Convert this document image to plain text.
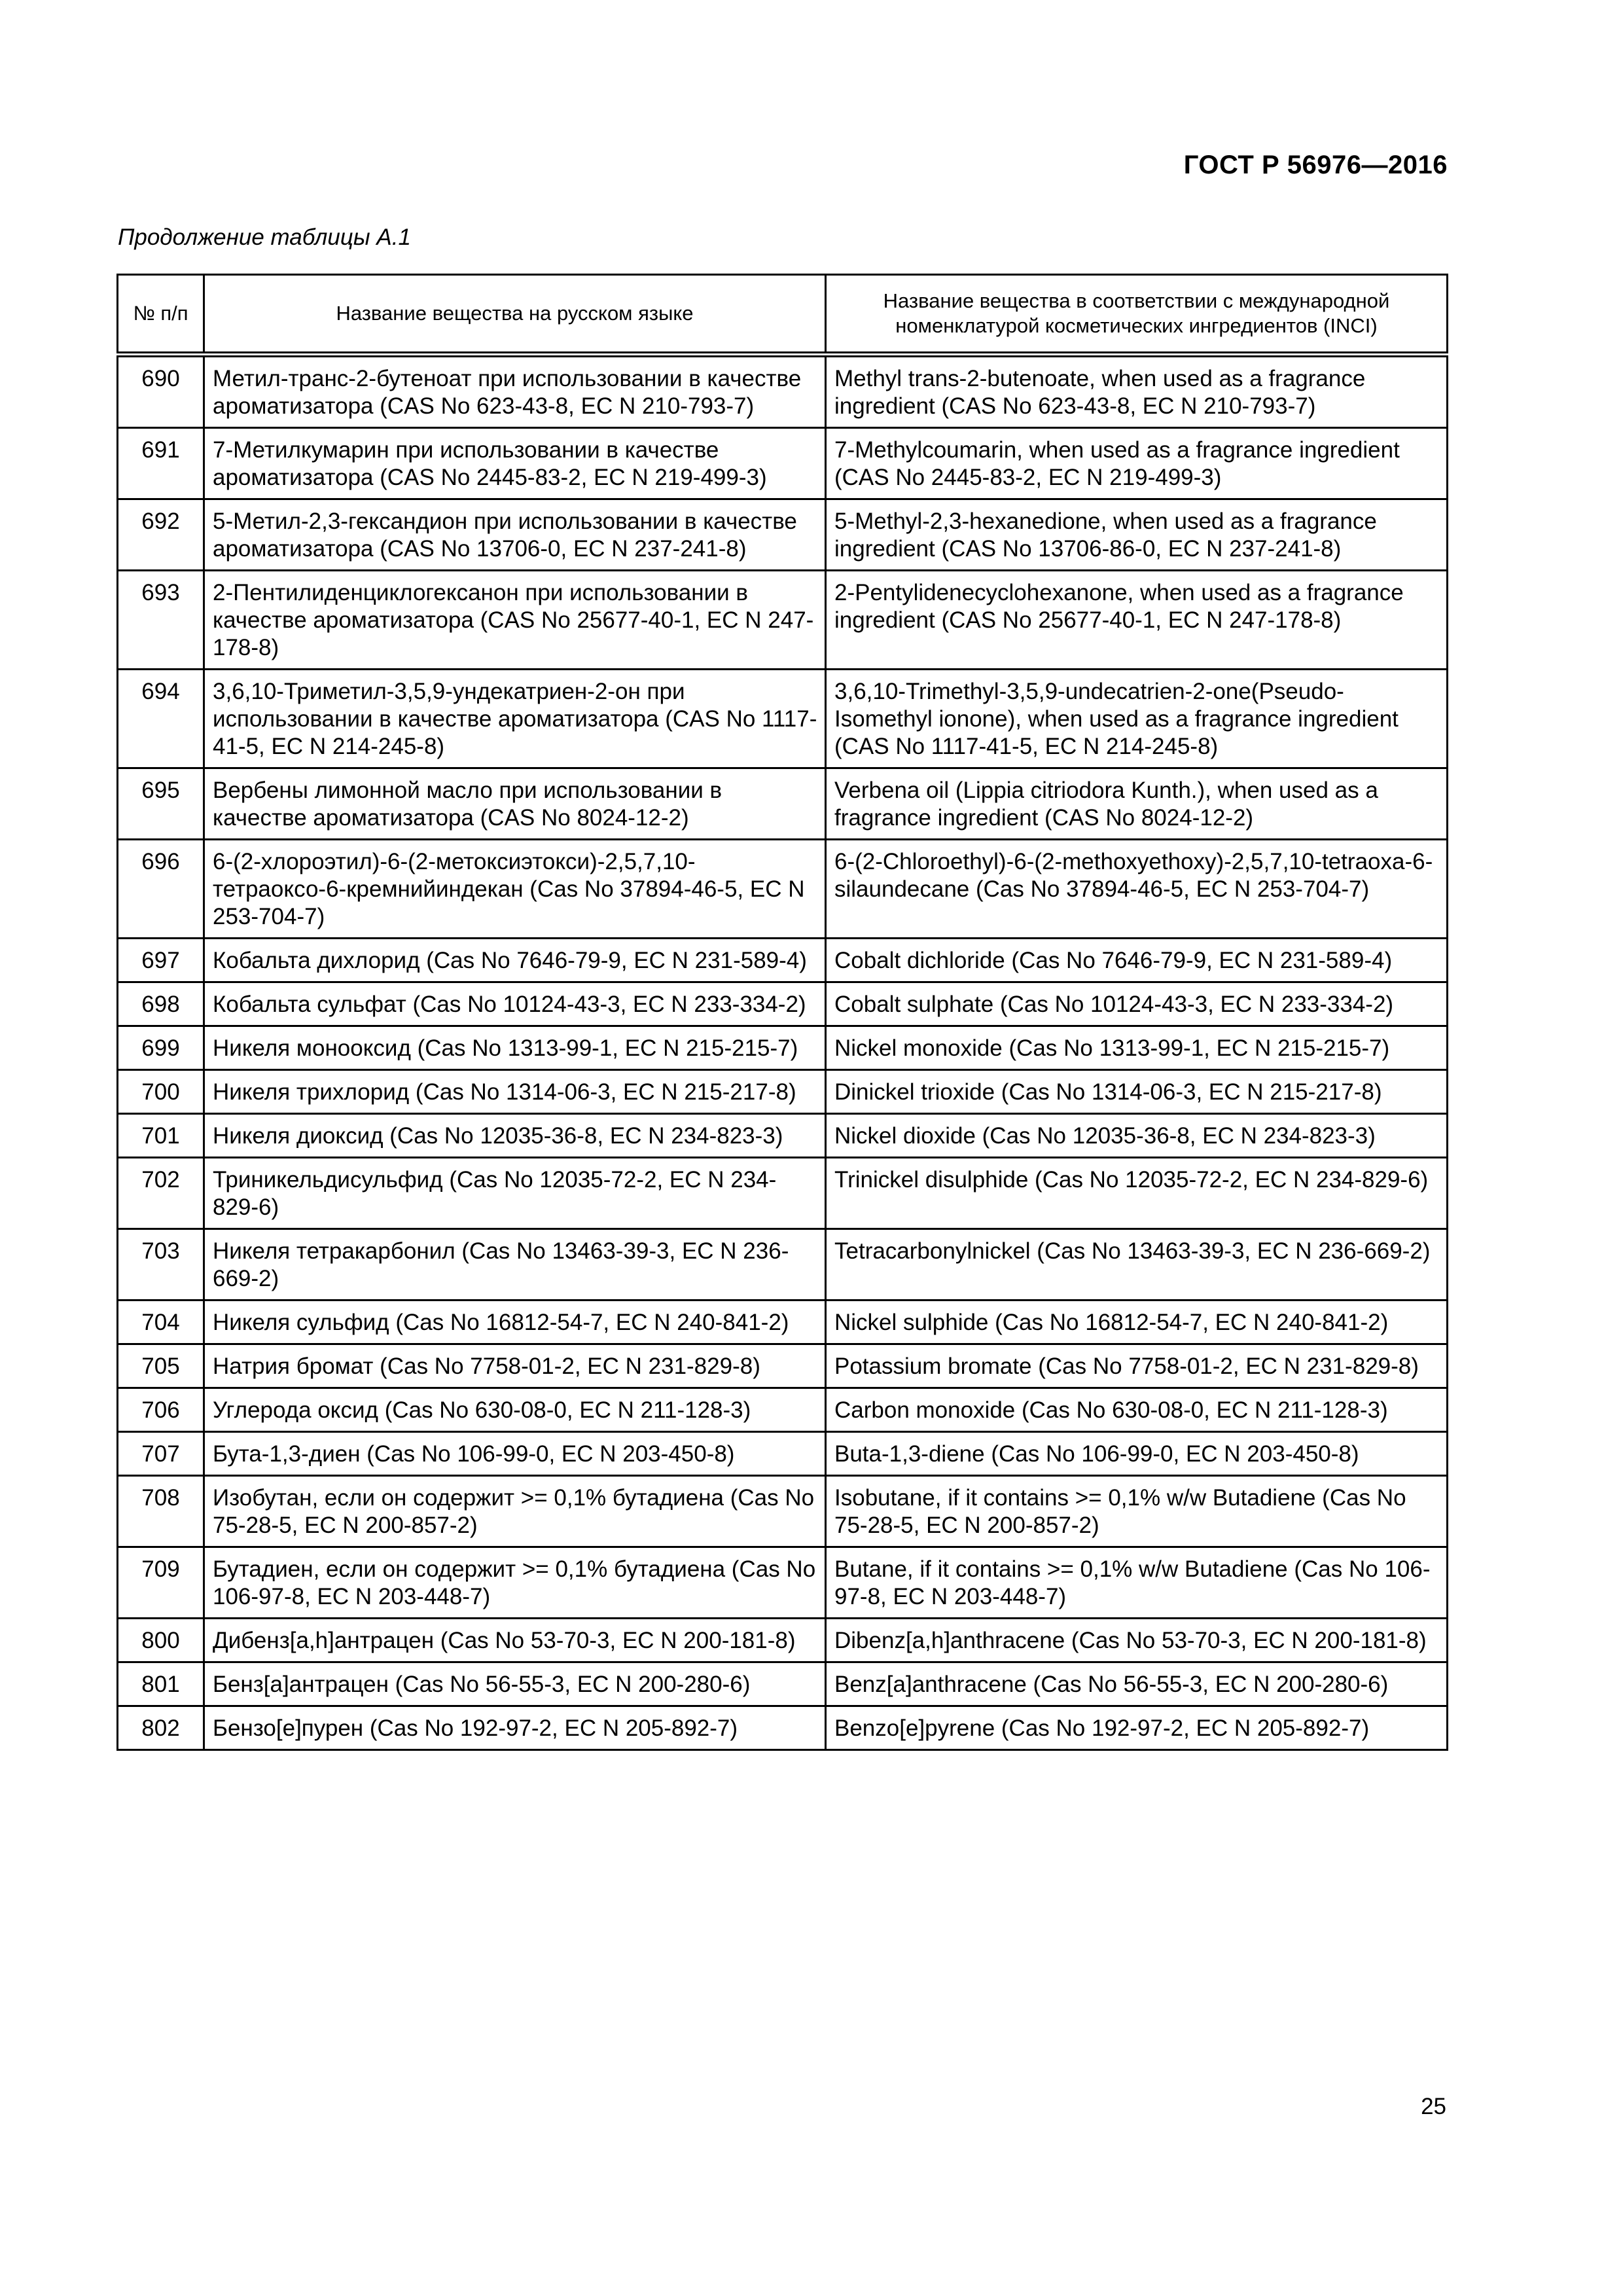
ГОСТ Р 56976—2016
Продолжение таблицы А.1
№ п/п	Название вещества на русском языке	Название вещества в соответствии с международной номенклатурой косметических ингредиентов (INCI)
690	Метил-транс-2-бутеноат при использовании в качестве ароматизатора (CAS No 623-43-8, ЕС N 210-793-7)	Methyl trans-2-butenoate, when used as a fragrance ingredient (CAS No 623-43-8, EC N 210-793-7)
691	7-Метилкумарин при использовании в качестве ароматизатора (CAS No 2445-83-2, ЕС N 219-499-3)	7-Methylcoumarin, when used as a fragrance ingredient (CAS No 2445-83-2, EC N 219-499-3)
692	5-Метил-2,3-гександион при использовании в качестве ароматизатора (CAS No 13706-0, ЕС N 237-241-8)	5-Methyl-2,3-hexanedione, when used as a fragrance ingredient (CAS No 13706-86-0, EC N 237-241-8)
693	2-Пентилиденциклогексанон при использовании в качестве ароматизатора (CAS No 25677-40-1, ЕС N 247-178-8)	2-Pentylidenecyclohexanone, when used as a fragrance ingredient (CAS No 25677-40-1, EC N 247-178-8)
694	3,6,10-Триметил-3,5,9-ундекатриен-2-он при использовании в качестве ароматизатора (CAS No 1117-41-5, ЕС N 214-245-8)	3,6,10-Trimethyl-3,5,9-undecatrien-2-one(Pseudo-Isomethyl ionone), when used as a fragrance ingredient (CAS No 1117-41-5, EC N 214-245-8)
695	Вербены лимонной масло при использовании в качестве ароматизатора (CAS No 8024-12-2)	Verbena oil (Lippia citriodora Kunth.), when used as a fragrance ingredient (CAS No 8024-12-2)
696	6-(2-хлороэтил)-6-(2-метоксиэтокси)-2,5,7,10-тетраоксо-6-кремнийиндекан (Cas No 37894-46-5, ЕС N 253-704-7)	6-(2-Chloroethyl)-6-(2-methoxyethoxy)-2,5,7,10-tetraoxa-6-silaundecane (Cas No 37894-46-5, EC N 253-704-7)
697	Кобальта дихлорид (Cas No 7646-79-9, ЕС N 231-589-4)	Cobalt dichloride (Cas No 7646-79-9, EC N 231-589-4)
698	Кобальта сульфат (Cas No 10124-43-3, ЕС N 233-334-2)	Cobalt sulphate (Cas No 10124-43-3, EC N 233-334-2)
699	Никеля монооксид (Cas No 1313-99-1, ЕС N 215-215-7)	Nickel monoxide (Cas No 1313-99-1, EC N 215-215-7)
700	Никеля трихлорид (Cas No 1314-06-3, ЕС N 215-217-8)	Dinickel trioxide (Cas No 1314-06-3, EC N 215-217-8)
701	Никеля диоксид (Cas No 12035-36-8, ЕС N 234-823-3)	Nickel dioxide (Cas No 12035-36-8, EC N 234-823-3)
702	Триникельдисульфид (Cas No 12035-72-2, ЕС N 234-829-6)	Trinickel disulphide (Cas No 12035-72-2, EC N 234-829-6)
703	Никеля тетракарбонил (Cas No 13463-39-3, ЕС N 236-669-2)	Tetracarbonylnickel (Cas No 13463-39-3, EC N 236-669-2)
704	Никеля сульфид (Cas No 16812-54-7, ЕС N 240-841-2)	Nickel sulphide (Cas No 16812-54-7, EC N 240-841-2)
705	Натрия бромат (Cas No 7758-01-2, ЕС N 231-829-8)	Potassium bromate (Cas No 7758-01-2, EC N 231-829-8)
706	Углерода оксид (Cas No 630-08-0, ЕС N 211-128-3)	Carbon monoxide (Cas No 630-08-0, EC N 211-128-3)
707	Бута-1,3-диен (Cas No 106-99-0, ЕС N 203-450-8)	Buta-1,3-diene (Cas No 106-99-0, EC N 203-450-8)
708	Изобутан, если он содержит >= 0,1% бутадиена (Cas No 75-28-5, ЕС N 200-857-2)	Isobutane, if it contains >= 0,1% w/w Butadiene (Cas No 75-28-5, EC N 200-857-2)
709	Бутадиен, если он содержит >= 0,1% бутадиена (Cas No 106-97-8, ЕС N 203-448-7)	Butane, if it contains >= 0,1% w/w Butadiene (Cas No 106-97-8, EC N 203-448-7)
800	Дибенз[a,h]антрацен (Cas No 53-70-3, ЕС N 200-181-8)	Dibenz[a,h]anthracene (Cas No 53-70-3, EC N 200-181-8)
801	Бенз[а]антрацен (Cas No 56-55-3, ЕС N 200-280-6)	Benz[a]anthracene (Cas No 56-55-3, EC N 200-280-6)
802	Бензо[е]пурен (Cas No 192-97-2, ЕС N 205-892-7)	Benzo[e]pyrene (Cas No 192-97-2, EC N 205-892-7)
25
